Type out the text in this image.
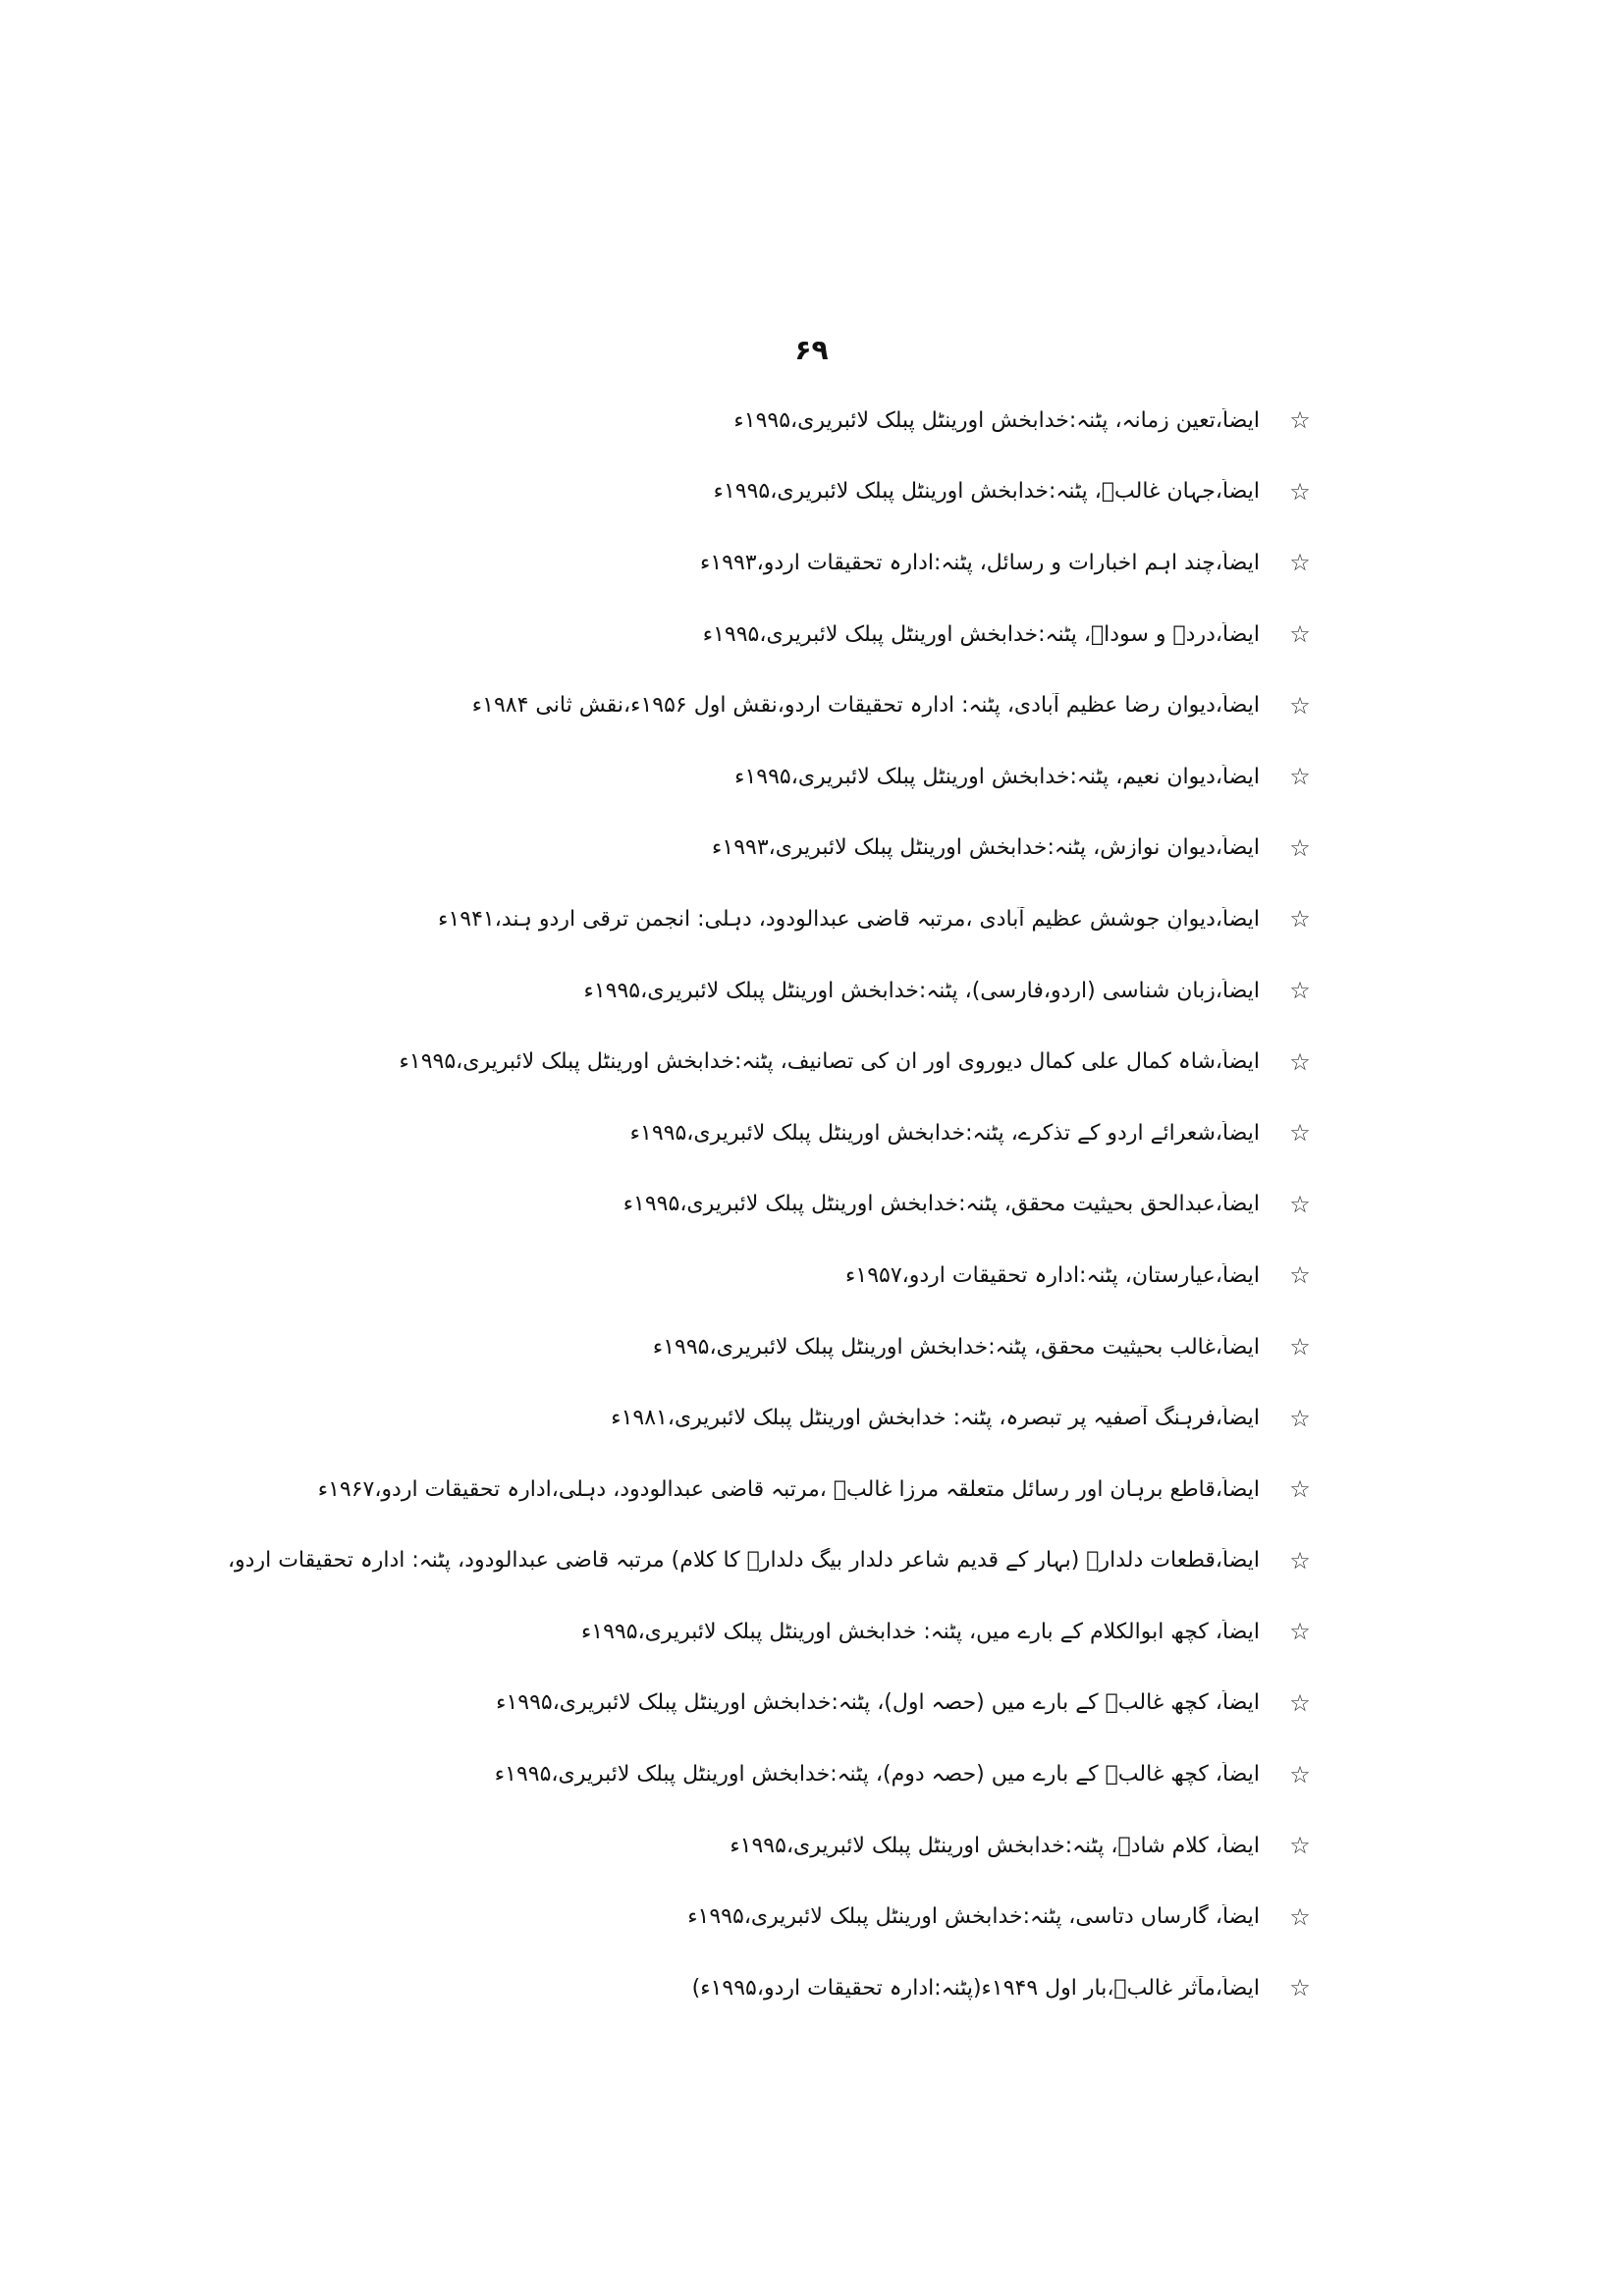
۶۹
☆
ایضاً،تعین زمانہ، پٹنہ:خدابخش اورینٹل پبلک لائبریری،۱۹۹۵ء
☆
ایضاً،جہان غالبؔ، پٹنہ:خدابخش اورینٹل پبلک لائبریری،۱۹۹۵ء
☆
ایضاً،چند اہم اخبارات و رسائل، پٹنہ:ادارہ تحقیقات اردو،۱۹۹۳ء
☆
ایضاً،دردؔ و سوداؔ، پٹنہ:خدابخش اورینٹل پبلک لائبریری،۱۹۹۵ء
☆
ایضاً،دیوان رضا عظیم آبادی، پٹنہ: ادارہ تحقیقات اردو،نقش اول ۱۹۵۶ء،نقش ثانی ۱۹۸۴ء
☆
ایضاً،دیوان نعیم، پٹنہ:خدابخش اورینٹل پبلک لائبریری،۱۹۹۵ء
☆
ایضاً،دیوان نوازش، پٹنہ:خدابخش اورینٹل پبلک لائبریری،۱۹۹۳ء
☆
ایضاً،دیوانِ جوشش عظیم آبادی ،مرتبہ قاضی عبدالودود، دہلی: انجمن ترقی اردو ہند،۱۹۴۱ء
☆
ایضاً،زبان شناسی (اردو،فارسی)، پٹنہ:خدابخش اورینٹل پبلک لائبریری،۱۹۹۵ء
☆
ایضاً،شاہ کمال علی کمال دیوروی اور ان کی تصانیف، پٹنہ:خدابخش اورینٹل پبلک لائبریری،۱۹۹۵ء
☆
ایضاً،شعرائے اردو کے تذکرے، پٹنہ:خدابخش اورینٹل پبلک لائبریری،۱۹۹۵ء
☆
ایضاً،عبدالحق بحیثیت محقق، پٹنہ:خدابخش اورینٹل پبلک لائبریری،۱۹۹۵ء
☆
ایضاً،عیارستان، پٹنہ:ادارہ تحقیقات اردو،۱۹۵۷ء
☆
ایضاً،غالب بحیثیت محقق، پٹنہ:خدابخش اورینٹل پبلک لائبریری،۱۹۹۵ء
☆
ایضاً،فرہنگ آصفیہ پر تبصرہ، پٹنہ: خدابخش اورینٹل پبلک لائبریری،۱۹۸۱ء
☆
ایضاً،قاطع برہان اور رسائل متعلقہ مرزا غالبؔ ،مرتبہ قاضی عبدالودود، دہلی،ادارہ تحقیقات اردو،۱۹۶۷ء
☆
ایضاً،قطعات دلدارؔ (بہار کے قدیم شاعر دلدار بیگ دلدارؔ کا کلام) مرتبہ قاضی عبدالودود، پٹنہ: ادارہ تحقیقات اردو،
☆
ایضاً، کچھ ابوالکلام کے بارے میں، پٹنہ: خدابخش اورینٹل پبلک لائبریری،۱۹۹۵ء
☆
ایضاً، کچھ غالبؔ کے بارے میں (حصہ اول)، پٹنہ:خدابخش اورینٹل پبلک لائبریری،۱۹۹۵ء
☆
ایضاً، کچھ غالبؔ کے بارے میں (حصہ دوم)، پٹنہ:خدابخش اورینٹل پبلک لائبریری،۱۹۹۵ء
☆
ایضاً، کلام شادؔ، پٹنہ:خدابخش اورینٹل پبلک لائبریری،۱۹۹۵ء
☆
ایضاً، گارساں دتاسی، پٹنہ:خدابخش اورینٹل پبلک لائبریری،۱۹۹۵ء
☆
ایضاً،مآثر غالبؔ،بار اول ۱۹۴۹ء(پٹنہ:ادارہ تحقیقات اردو،۱۹۹۵ء)
